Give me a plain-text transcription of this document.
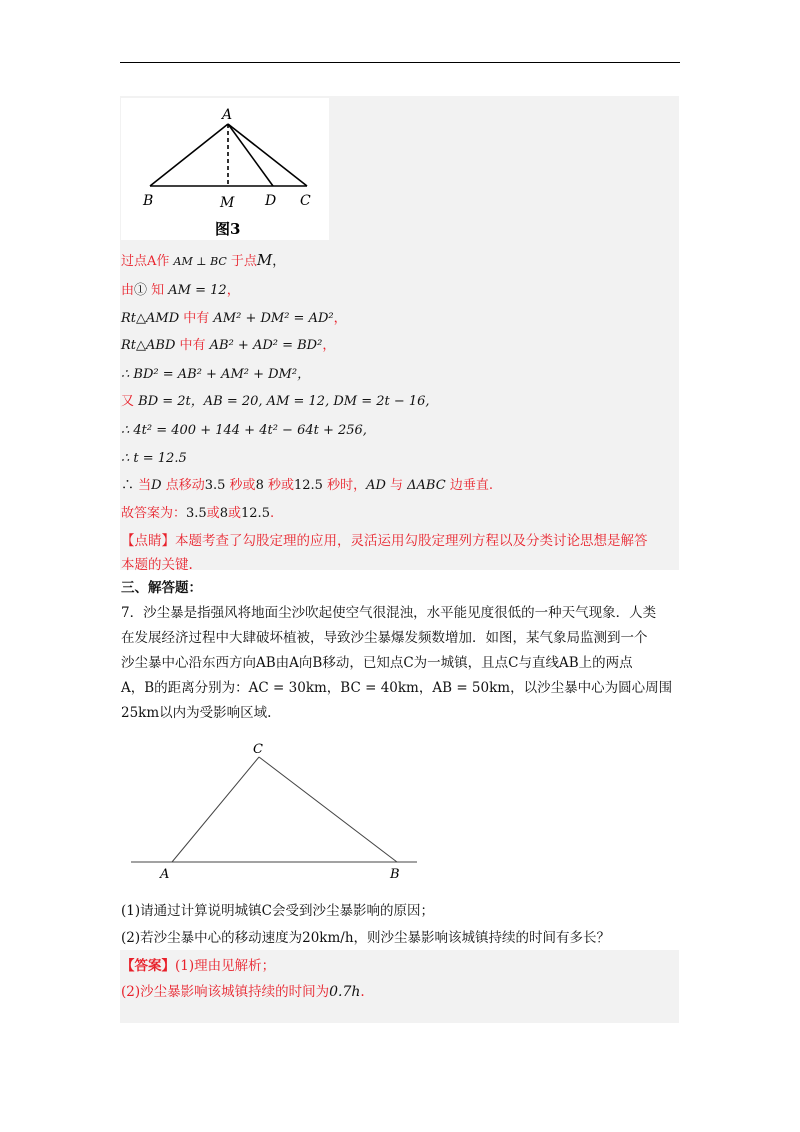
A
B	M D C
图3
过点A作 AM ⊥ BC 于点M，
由① 知 AM = 12，
Rt△AMD 中有 AM² + DM² = AD²，
Rt△ABD 中有 AB² + AD² = BD²，
∴ BD² = AB² + AM² + DM²，
又 BD = 2t，AB = 20, AM = 12, DM = 2t − 16,
∴ 4t² = 400 + 144 + 4t² − 64t + 256,
∴ t = 12.5
∴ 当D 点移动3.5 秒或8 秒或12.5 秒时，AD 与 ΔABC 边垂直.
故答案为：3.5或8或12.5.
【点睛】本题考查了勾股定理的应用，灵活运用勾股定理列方程以及分类讨论思想是解答
本题的关键.
三、解答题：
7．沙尘暴是指强风将地面尘沙吹起使空气很混浊，水平能见度很低的一种天气现象．人类
在发展经济过程中大肆破坏植被，导致沙尘暴爆发频数增加．如图，某气象局监测到一个
沙尘暴中心沿东西方向AB由A向B移动，已知点C为一城镇，且点C与直线AB上的两点
A，B的距离分别为：AC = 30km，BC = 40km，AB = 50km，以沙尘暴中心为圆心周围
25km以内为受影响区域.
C
A	B
(1)请通过计算说明城镇C会受到沙尘暴影响的原因；
(2)若沙尘暴中心的移动速度为20km/h，则沙尘暴影响该城镇持续的时间有多长？
【答案】(1)理由见解析；
(2)沙尘暴影响该城镇持续的时间为0.7h.
